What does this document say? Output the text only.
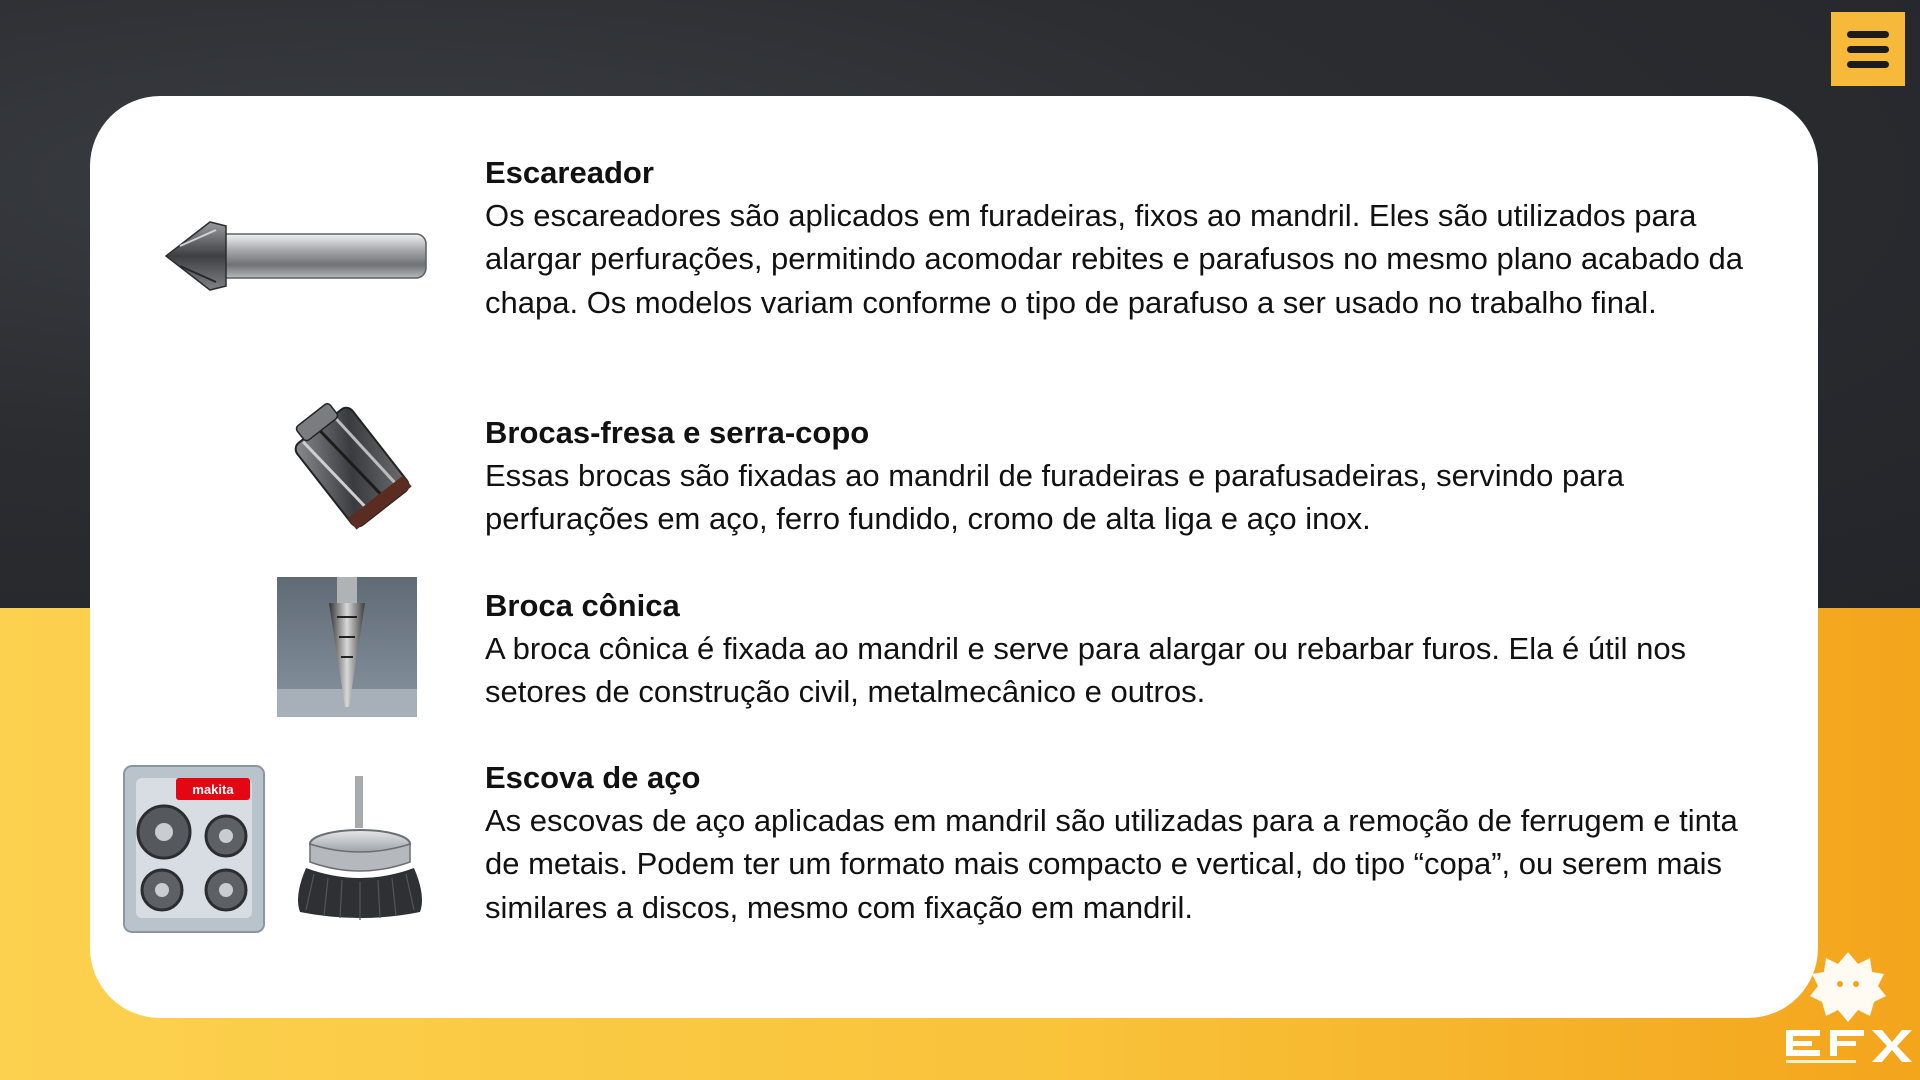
Escareador

Os escareadores são aplicados em furadeiras, fixos ao mandril. Eles são utilizados para alargar perfurações, permitindo acomodar rebites e parafusos no mesmo plano acabado da chapa. Os modelos variam conforme o tipo de parafuso a ser usado no trabalho final.

Brocas-fresa e serra-copo

Essas brocas são fixadas ao mandril de furadeiras e parafusadeiras, servindo para perfurações em aço, ferro fundido, cromo de alta liga e aço inox.

Broca cônica

A broca cônica é fixada ao mandril e serve para alargar ou rebarbar furos. Ela é útil nos setores de construção civil, metalmecânico e outros.

makita	Escova de aço

As escovas de aço aplicadas em mandril são utilizadas para a remoção de ferrugem e tinta de metais. Podem ter um formato mais compacto e vertical, do tipo “copa”, ou serem mais similares a discos, mesmo com fixação em mandril.
